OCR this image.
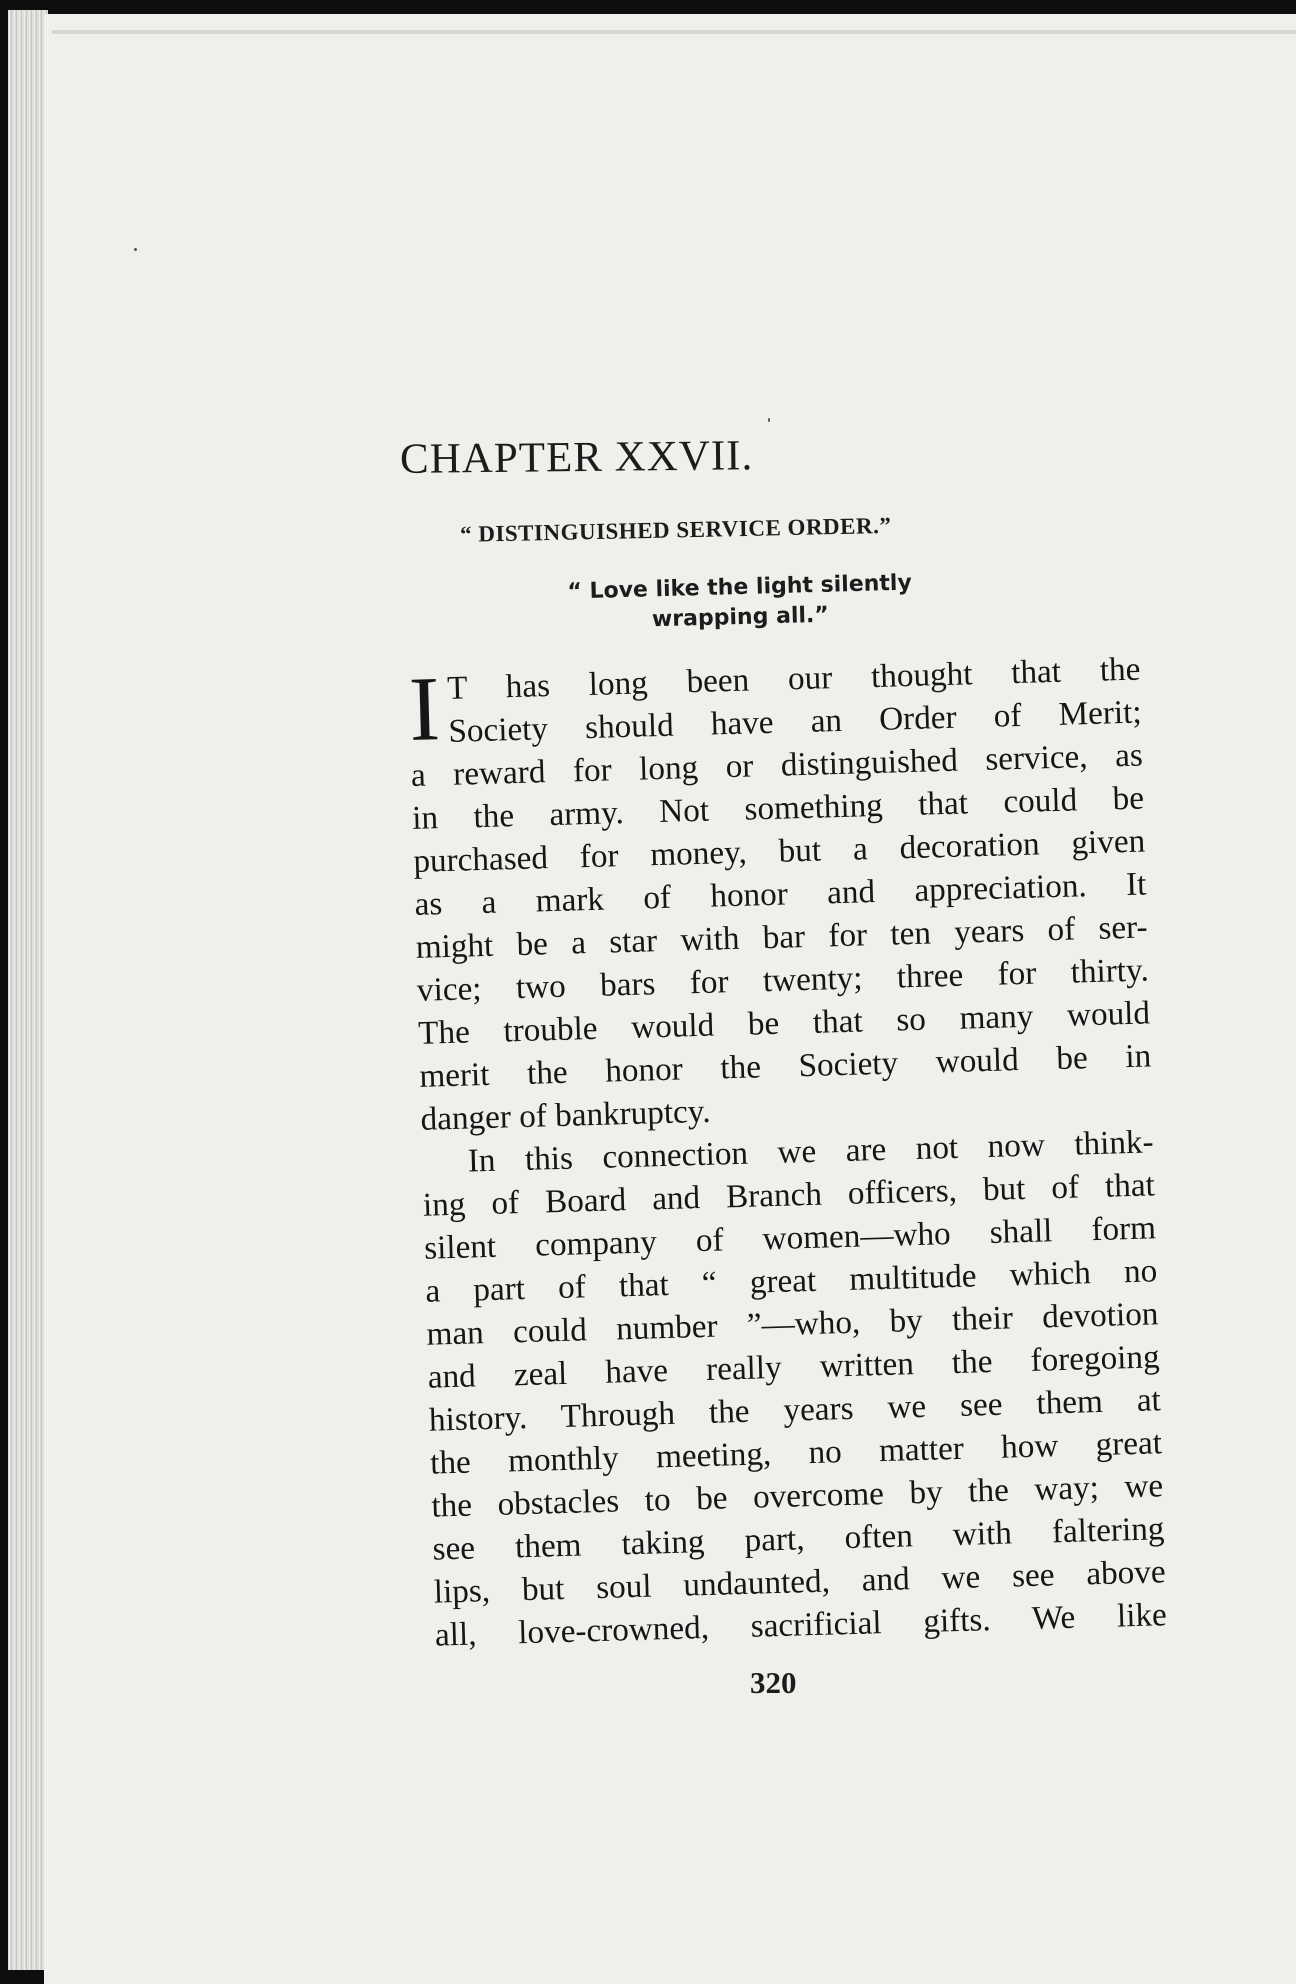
CHAPTER XXVII.
“ DISTINGUISHED SERVICE ORDER.”
“ Love like the light silently
wrapping all.”
I T has long been our thought that the
Society should have an Order of Merit;
a reward for long or distinguished service, as
in the army. Not something that could be
purchased for money, but a decoration given
as a mark of honor and appreciation. It
might be a star with bar for ten years of ser-
vice; two bars for twenty; three for thirty.
The trouble would be that so many would
merit the honor the Society would be in
danger of bankruptcy.
In this connection we are not now think-
ing of Board and Branch officers, but of that
silent company of women—who shall form
a part of that “ great multitude which no
man could number ”—who, by their devotion
and zeal have really written the foregoing
history. Through the years we see them at
the monthly meeting, no matter how great
the obstacles to be overcome by the way; we
see them taking part, often with faltering
lips, but soul undaunted, and we see above
all, love-crowned, sacrificial gifts. We like
320
